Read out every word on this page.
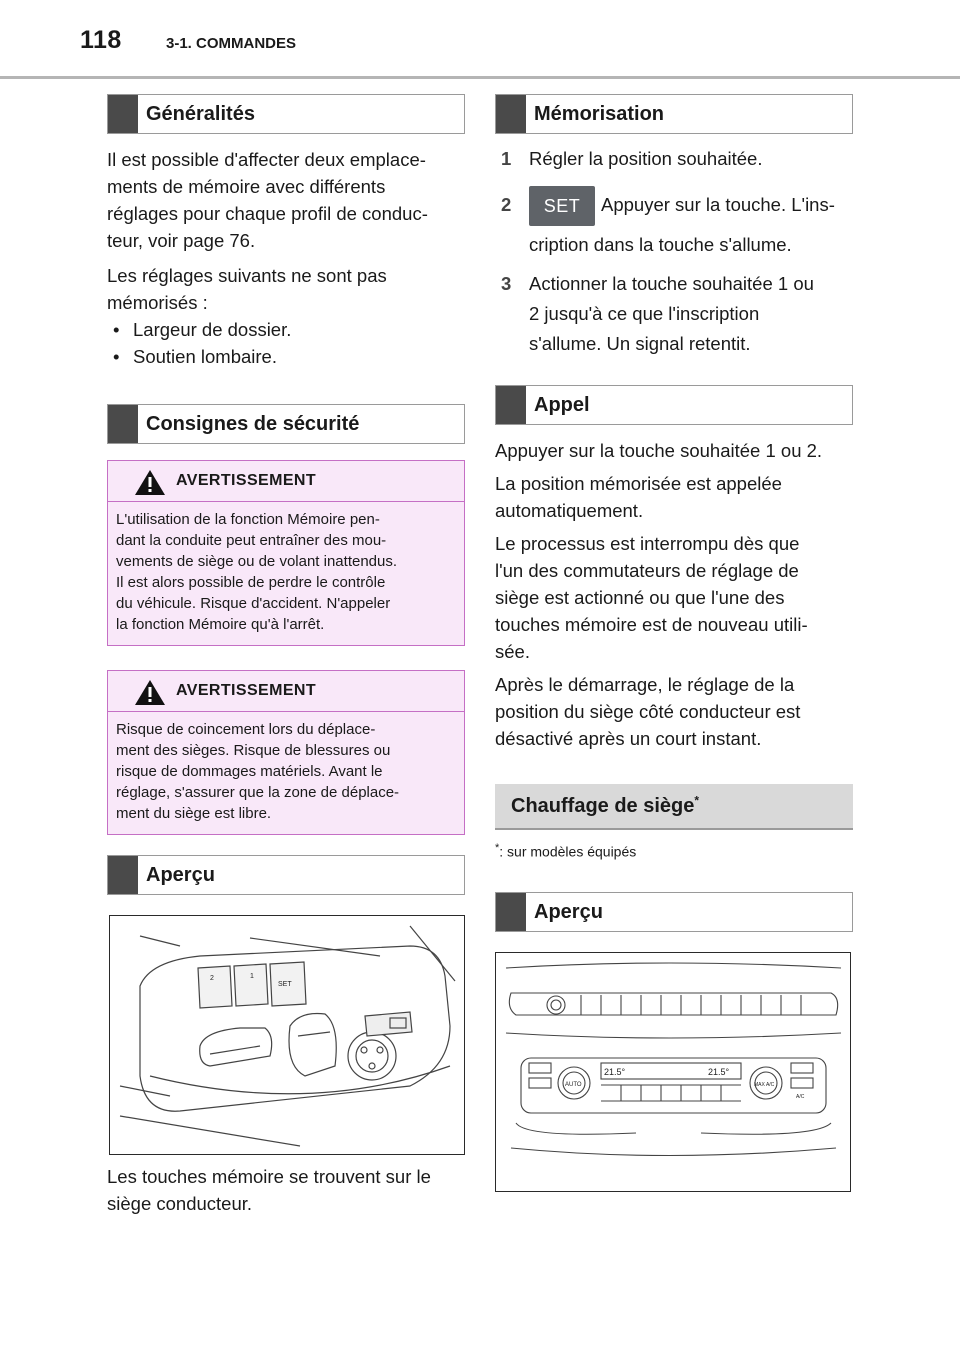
118	3-1. COMMANDES
Généralités

Il est possible d'affecter deux emplace-
ments de mémoire avec différents
réglages pour chaque profil de conduc-
teur, voir page 76.

Les réglages suivants ne sont pas
mémorisés :

• Largeur de dossier.
• Soutien lombaire.
Consignes de sécurité
AVERTISSEMENT
L'utilisation de la fonction Mémoire pen-
dant la conduite peut entraîner des mou-
vements de siège ou de volant inattendus.
Il est alors possible de perdre le contrôle
du véhicule. Risque d'accident. N'appeler
la fonction Mémoire qu'à l'arrêt.
AVERTISSEMENT
Risque de coincement lors du déplace-
ment des sièges. Risque de blessures ou
risque de dommages matériels. Avant le
réglage, s'assurer que la zone de déplace-
ment du siège est libre.
Aperçu
2	1
SET

Les touches mémoire se trouvent sur le
siège conducteur.

Mémorisation
1 Régler la position souhaitée.
2 SET Appuyer sur la touche. L'ins-
cription dans la touche s'allume.
3 Actionner la touche souhaitée 1 ou
2 jusqu'à ce que l'inscription
s'allume. Un signal retentit.
Appel

Appuyer sur la touche souhaitée 1 ou 2.

La position mémorisée est appelée
automatiquement.

Le processus est interrompu dès que
l'un des commutateurs de réglage de
siège est actionné ou que l'une des
touches mémoire est de nouveau utili-
sée.

Après le démarrage, le réglage de la
position du siège côté conducteur est
désactivé après un court instant.

Chauffage de siège*
*: sur modèles équipés
Aperçu
21.5°	21.5°
AUTO	MAX A/C
A/C
